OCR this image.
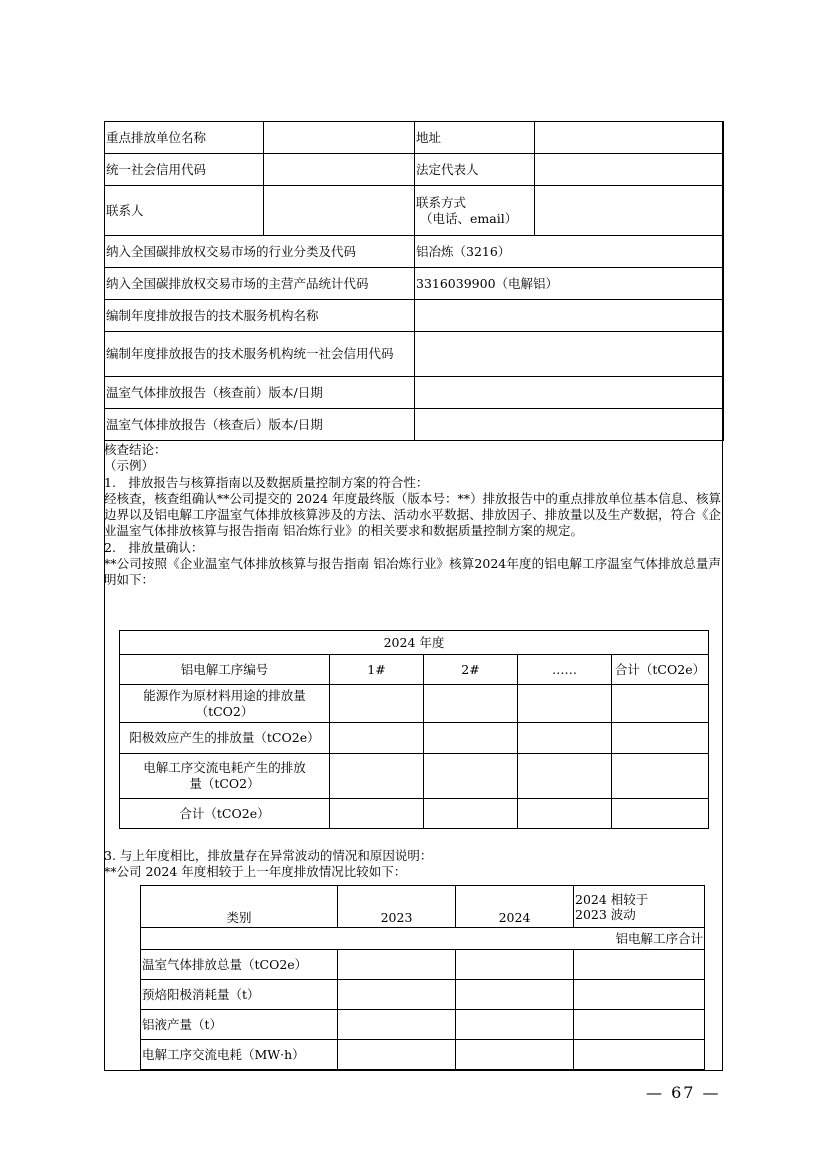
重点排放单位名称		地址	
统一社会信用代码		法定代表人	
联系人		联系方式
（电话、email）	

纳入全国碳排放权交易市场的行业分类及代码		铝冶炼（3216）	
纳入全国碳排放权交易市场的主营产品统计代码		3316039900（电解铝）	
编制年度排放报告的技术服务机构名称			
编制年度排放报告的技术服务机构统一社会信用代码			
温室气体排放报告（核查前）版本/日期			
温室气体排放报告（核查后）版本/日期			

核查结论：

（示例）

1.　排放报告与核算指南以及数据质量控制方案的符合性：

经核查，核查组确认**公司提交的 2024 年度最终版（版本号：**）排放报告中的重点排放单位基本信息、核算边界以及铝电解工序温室气体排放核算涉及的方法、活动水平数据、排放因子、排放量以及生产数据，符合《企业温室气体排放核算与报告指南 铝冶炼行业》的相关要求和数据质量控制方案的规定。

2.　排放量确认：

**公司按照《企业温室气体排放核算与报告指南 铝冶炼行业》核算2024年度的铝电解工序温室气体排放总量声明如下：

2024 年度				
铝电解工序编号	1#	2#	……	合计（tCO2e）

能源作为原材料用途的排放量
（tCO2）				

阳极效应产生的排放量（tCO2e）				

电解工序交流电耗产生的排放
量（tCO2）				

合计（tCO2e）				

3. 与上年度相比，排放量存在异常波动的情况和原因说明：

**公司 2024 年度相较于上一年度排放情况比较如下：

类别	2023	2024	2024 相较于
2023 波动

铝电解工序合计			
温室气体排放总量（tCO2e）			
预焙阳极消耗量（t）			
铝液产量（t）			
电解工序交流电耗（MW·h）			
— 67 —
